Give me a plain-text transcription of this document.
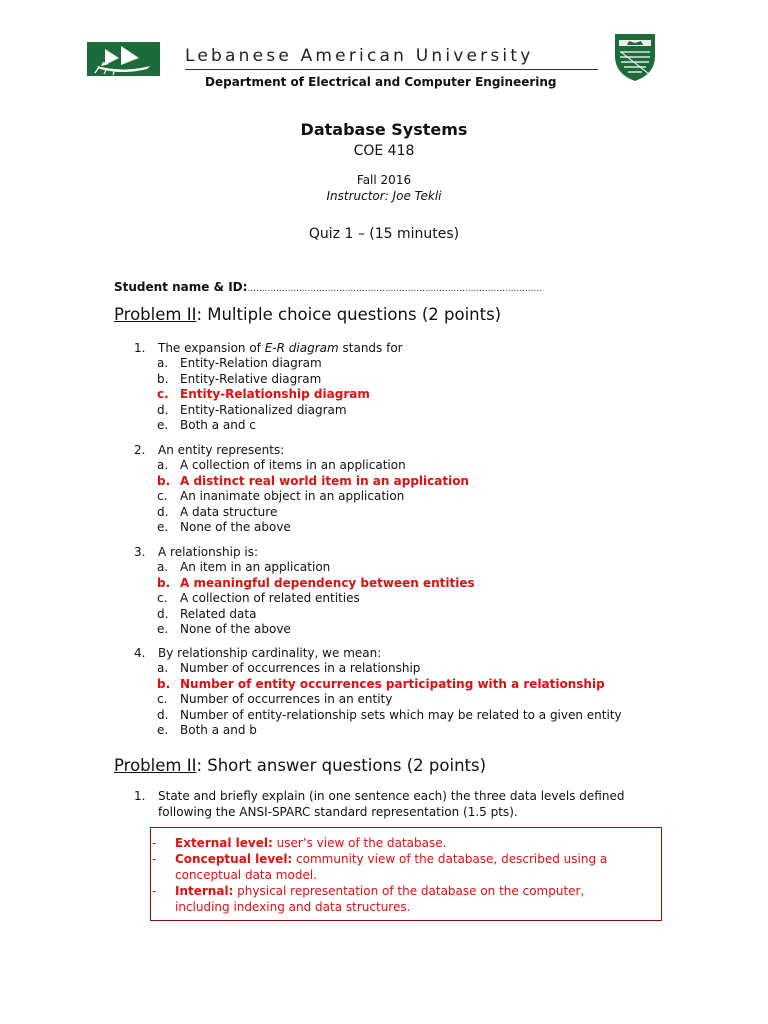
Lebanese American University
Department of Electrical and Computer Engineering
Database Systems
COE 418
Fall 2016
Instructor: Joe Tekli
Quiz 1 – (15 minutes)
Student name & ID:.......................................................................................................
Problem II: Multiple choice questions (2 points)
1. The expansion of E-R diagram stands for
a. Entity-Relation diagram
b. Entity-Relative diagram
c. Entity-Relationship diagram
d. Entity-Rationalized diagram
e. Both a and c
2. An entity represents:
a. A collection of items in an application
b. A distinct real world item in an application
c. An inanimate object in an application
d. A data structure
e. None of the above
3. A relationship is:
a. An item in an application
b. A meaningful dependency between entities
c. A collection of related entities
d. Related data
e. None of the above
4. By relationship cardinality, we mean:
a. Number of occurrences in a relationship
b. Number of entity occurrences participating with a relationship
c. Number of occurrences in an entity
d. Number of entity-relationship sets which may be related to a given entity
e. Both a and b
Problem II: Short answer questions (2 points)
1. State and briefly explain (in one sentence each) the three data levels defined
following the ANSI-SPARC standard representation (1.5 pts).
- External level: user’s view of the database.
- Conceptual level: community view of the database, described using a
conceptual data model.
- Internal: physical representation of the database on the computer,
including indexing and data structures.
